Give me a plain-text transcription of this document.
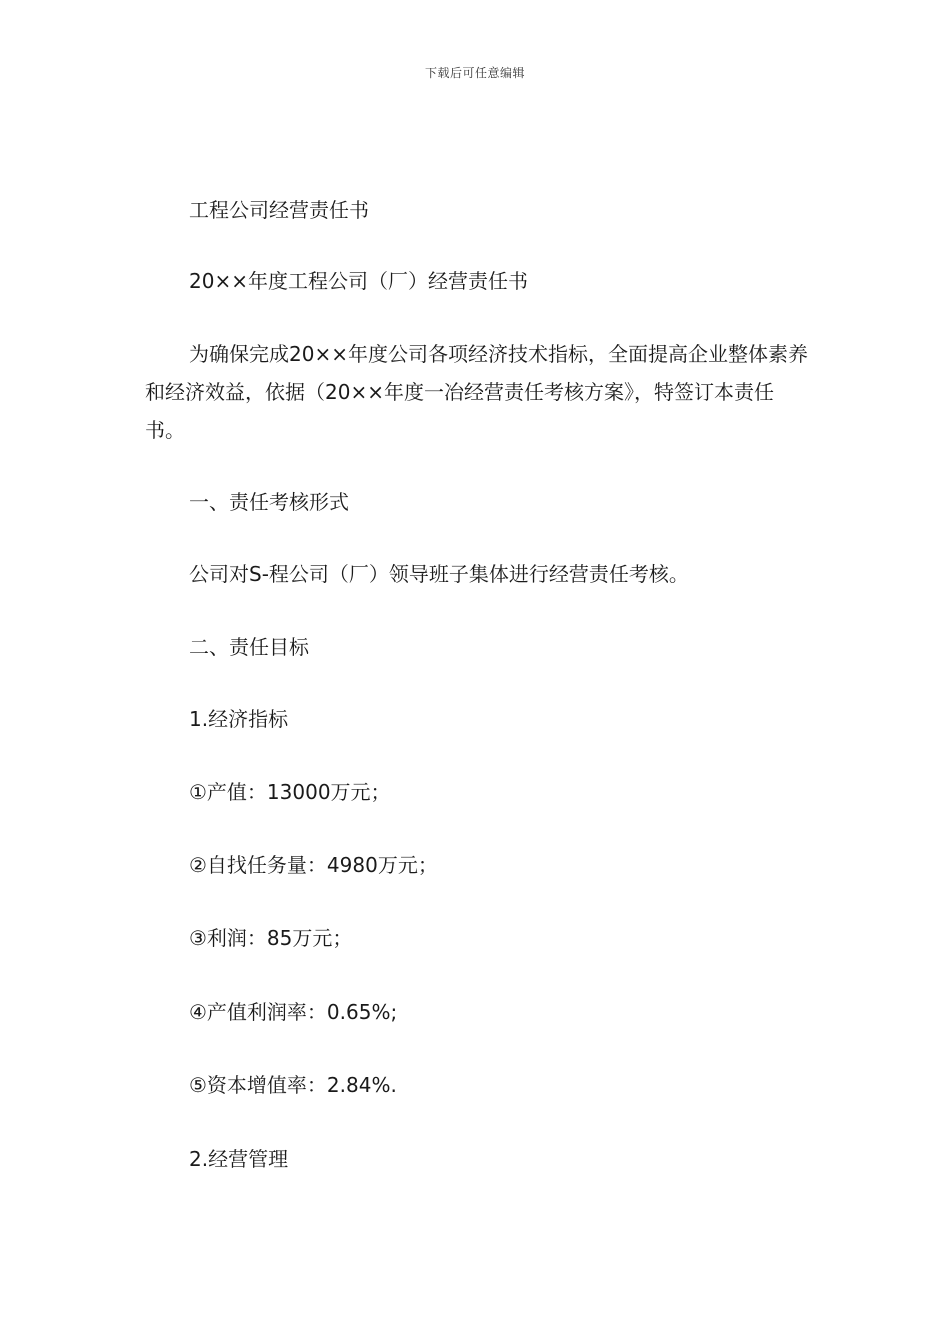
下载后可任意编辑
工程公司经营责任书
20××年度工程公司（厂）经营责任书
为确保完成20××年度公司各项经济技术指标，全面提高企业整体素养和经济效益，依据（20××年度一冶经营责任考核方案》，特签订本责任书。
一、责任考核形式
公司对S-程公司（厂）领导班子集体进行经营责任考核。
二、责任目标
1.经济指标
①产值：13000万元；
②自找任务量：4980万元；
③利润：85万元；
④产值利润率：0.65%;
⑤资本增值率：2.84%.
2.经营管理
